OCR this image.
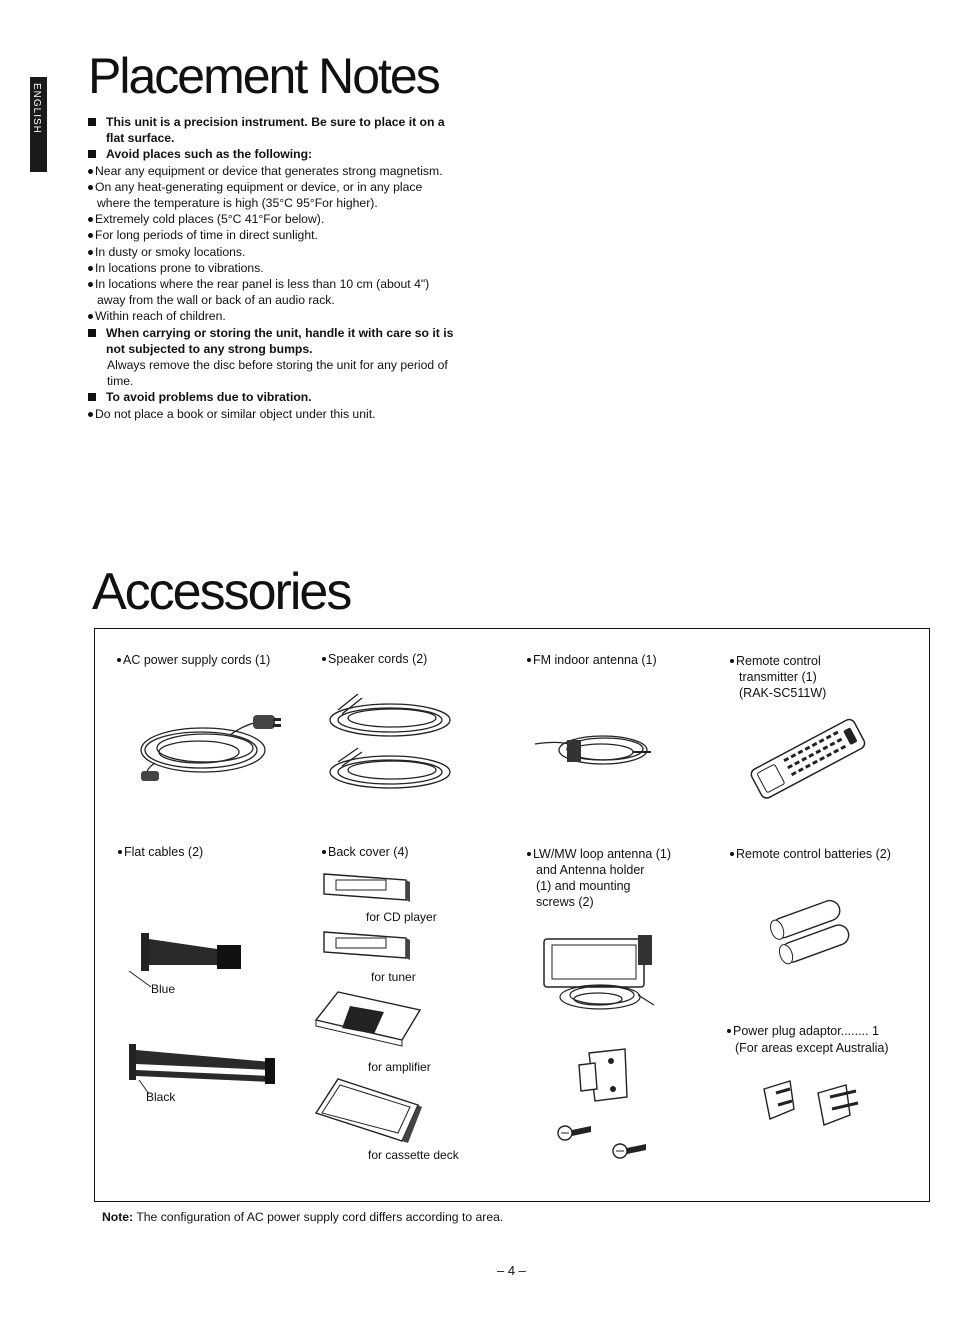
ENGLISH
Placement Notes
This unit is a precision instrument. Be sure to place it on a
flat surface.
Avoid places such as the following:
Near any equipment or device that generates strong magnetism.
On any heat-generating equipment or device, or in any place
where the temperature is high (35°C 95°For higher).
Extremely cold places (5°C 41°For below).
For long periods of time in direct sunlight.
In dusty or smoky locations.
In locations prone to vibrations.
In locations where the rear panel is less than 10 cm (about 4")
away from the wall or back of an audio rack.
Within reach of children.
When carrying or storing the unit, handle it with care so it is
not subjected to any strong bumps.
Always remove the disc before storing the unit for any period of
time.
To avoid problems due to vibration.
Do not place a book or similar object under this unit.
Accessories
AC power supply cords (1)	Speaker cords (2)	FM indoor antenna (1)	Remote control
transmitter (1)
(RAK-SC511W)
Flat cables (2)	Back cover (4)	LW/MW loop antenna (1)
and Antenna holder
(1) and mounting
screws (2)
Remote control batteries (2)
Blue
Black
for CD player
for tuner
for amplifier
for cassette deck
Power plug adaptor........ 1
(For areas except Australia)
Note: The configuration of AC power supply cord differs according to area.
– 4 –
